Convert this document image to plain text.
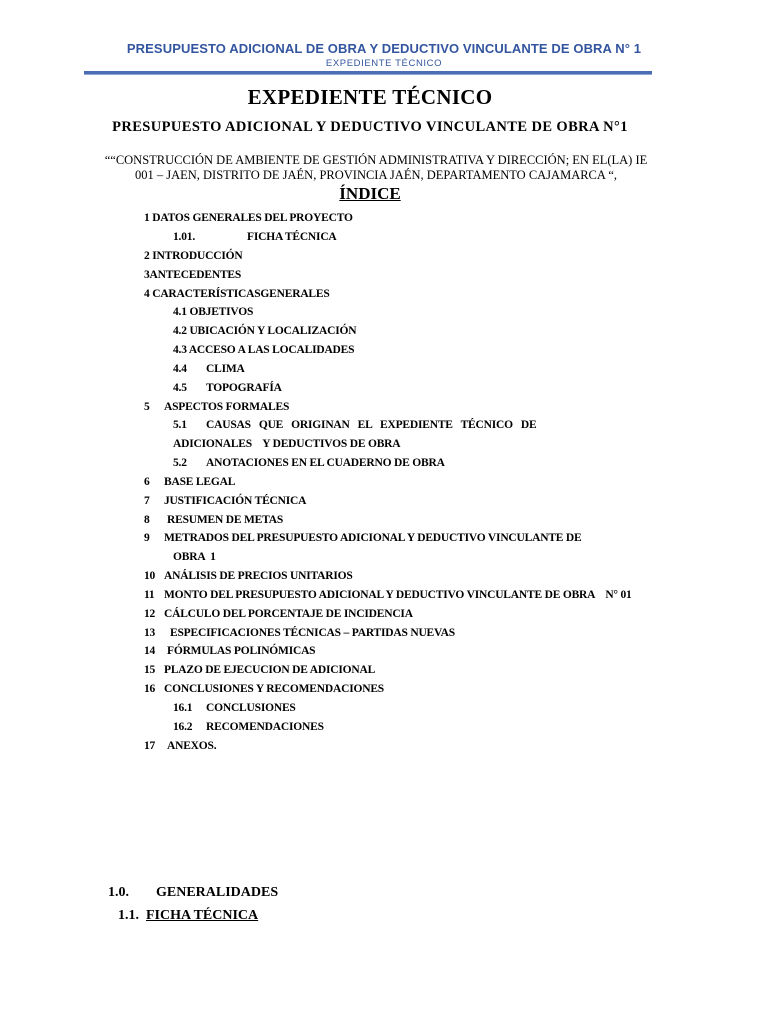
PRESUPUESTO ADICIONAL DE OBRA Y DEDUCTIVO VINCULANTE DE OBRA N° 1
EXPEDIENTE TÉCNICO
EXPEDIENTE TÉCNICO
PRESUPUESTO ADICIONAL Y DEDUCTIVO VINCULANTE DE OBRA N°1
““CONSTRUCCIÓN DE AMBIENTE DE GESTIÓN ADMINISTRATIVA Y DIRECCIÓN; EN EL(LA) IE
001 – JAEN, DISTRITO DE JAÉN, PROVINCIA JAÉN, DEPARTAMENTO CAJAMARCA “,
ÍNDICE
1 DATOS GENERALES DEL PROYECTO
1.01.	FICHA TÉCNICA
2 INTRODUCCIÓN
3ANTECEDENTES
4 CARACTERÍSTICASGENERALES
4.1 OBJETIVOS
4.2 UBICACIÓN Y LOCALIZACIÓN
4.3 ACCESO A LAS LOCALIDADES
4.4 CLIMA
4.5 TOPOGRAFÍA
5 ASPECTOS FORMALES
5.1 CAUSAS   QUE   ORIGINAN   EL   EXPEDIENTE   TÉCNICO   DE
ADICIONALES    Y DEDUCTIVOS DE OBRA
5.2 ANOTACIONES EN EL CUADERNO DE OBRA
6 BASE LEGAL
7 JUSTIFICACIÓN TÉCNICA
8 RESUMEN DE METAS
9 METRADOS DEL PRESUPUESTO ADICIONAL Y DEDUCTIVO VINCULANTE DE
OBRA  1
10 ANÁLISIS DE PRECIOS UNITARIOS
11 MONTO DEL PRESUPUESTO ADICIONAL Y DEDUCTIVO VINCULANTE DE OBRA    N° 01
12 CÁLCULO DEL PORCENTAJE DE INCIDENCIA
13 ESPECIFICACIONES TÉCNICAS – PARTIDAS NUEVAS
14 FÓRMULAS POLINÓMICAS
15 PLAZO DE EJECUCION DE ADICIONAL
16 CONCLUSIONES Y RECOMENDACIONES
16.1 CONCLUSIONES
16.2 RECOMENDACIONES
17 ANEXOS.
1.0. GENERALIDADES
1.1. FICHA TÉCNICA
